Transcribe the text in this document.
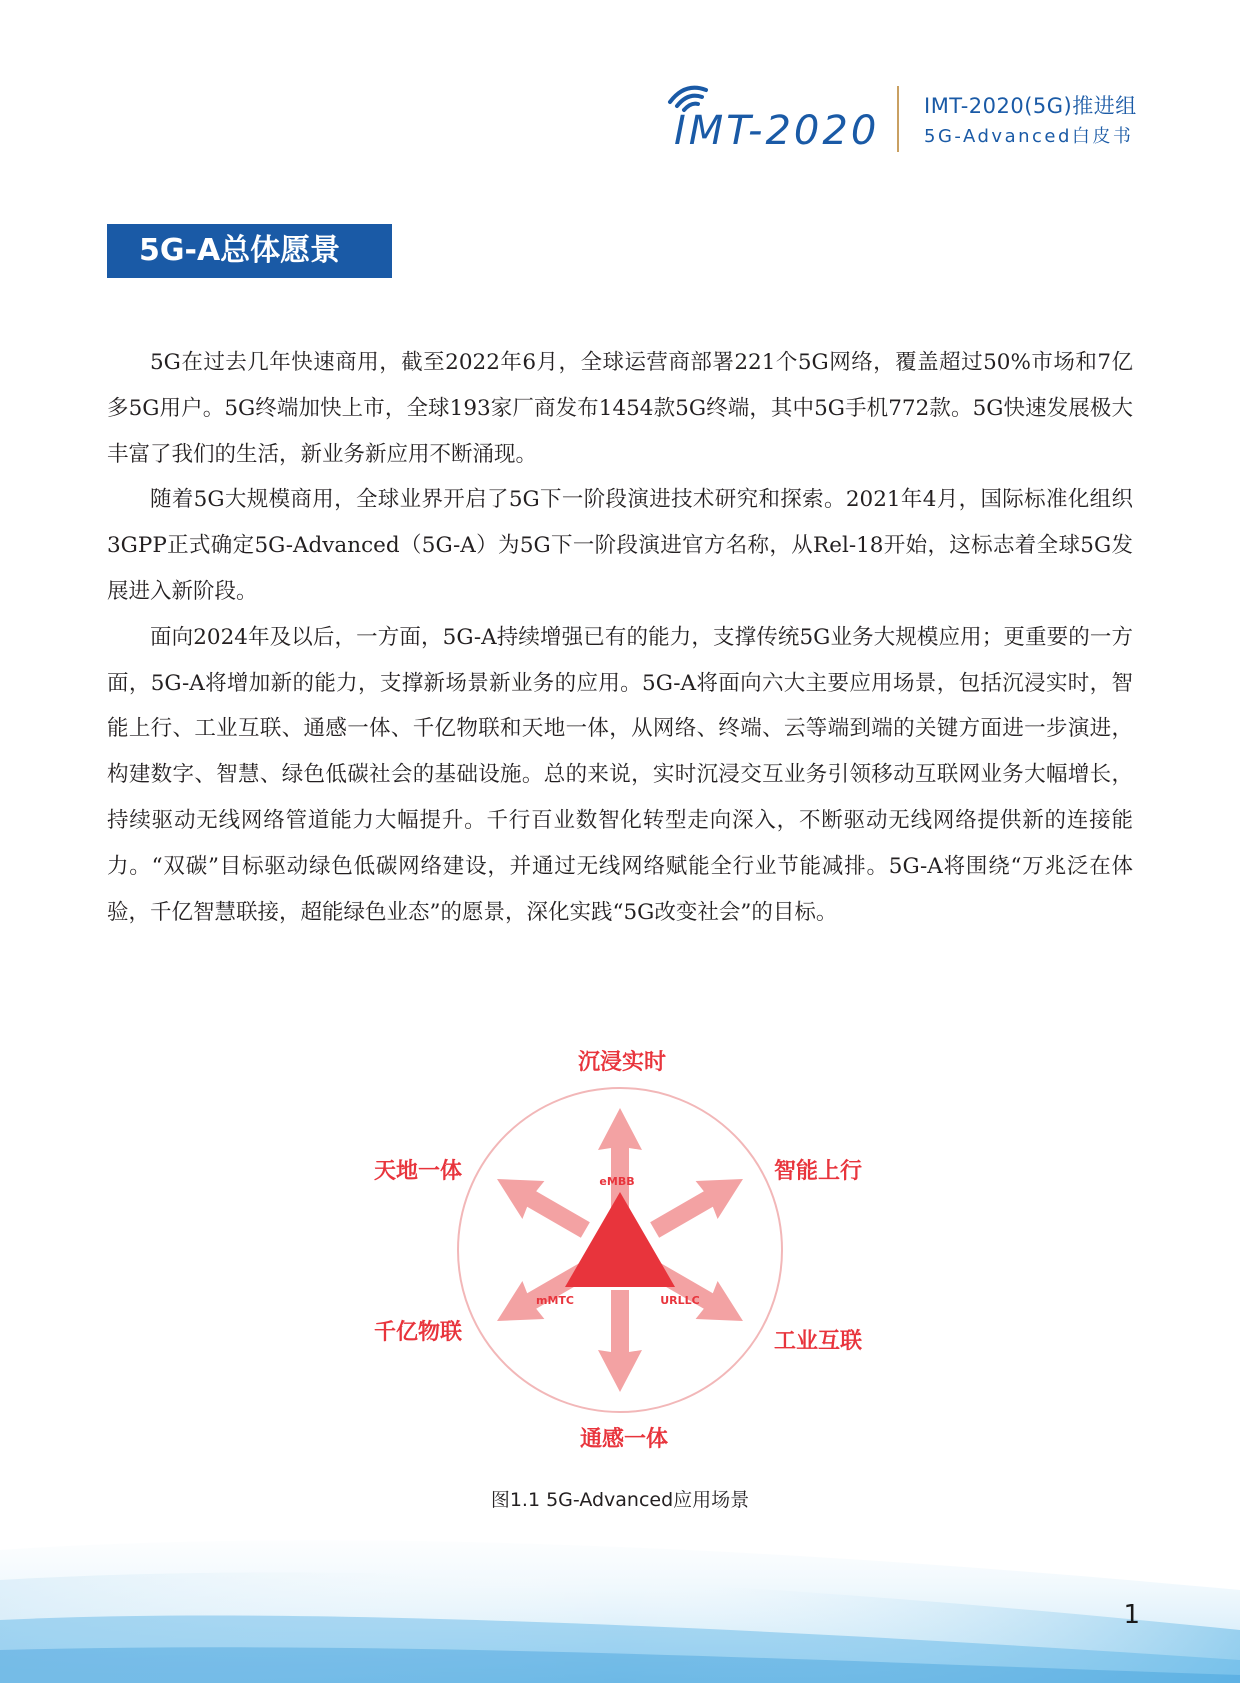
IMT-2020
IMT-2020(5G)推进组
5G-Advanced白皮书
5G-A总体愿景

5G在过去几年快速商用，截至2022年6月，全球运营商部署221个5G网络，覆盖超过50%市场和7亿多5G用户。5G终端加快上市，全球193家厂商发布1454款5G终端，其中5G手机772款。5G快速发展极大丰富了我们的生活，新业务新应用不断涌现。

随着5G大规模商用，全球业界开启了5G下一阶段演进技术研究和探索。2021年4月，国际标准化组织3GPP正式确定5G-Advanced（5G-A）为5G下一阶段演进官方名称，从Rel-18开始，这标志着全球5G发展进入新阶段。

面向2024年及以后，一方面，5G-A持续增强已有的能力，支撑传统5G业务大规模应用；更重要的一方面，5G-A将增加新的能力，支撑新场景新业务的应用。5G-A将面向六大主要应用场景，包括沉浸实时，智能上行、工业互联、通感一体、千亿物联和天地一体，从网络、终端、云等端到端的关键方面进一步演进，构建数字、智慧、绿色低碳社会的基础设施。总的来说，实时沉浸交互业务引领移动互联网业务大幅增长，持续驱动无线网络管道能力大幅提升。千行百业数智化转型走向深入，不断驱动无线网络提供新的连接能力。“双碳”目标驱动绿色低碳网络建设，并通过无线网络赋能全行业节能减排。5G-A将围绕“万兆泛在体验，千亿智慧联接，超能绿色业态”的愿景，深化实践“5G改变社会”的目标。

eMBB
URLLC
mMTC
沉浸实时
智能上行
工业互联
通感一体
千亿物联
天地一体
图1.1 5G-Advanced应用场景
1
